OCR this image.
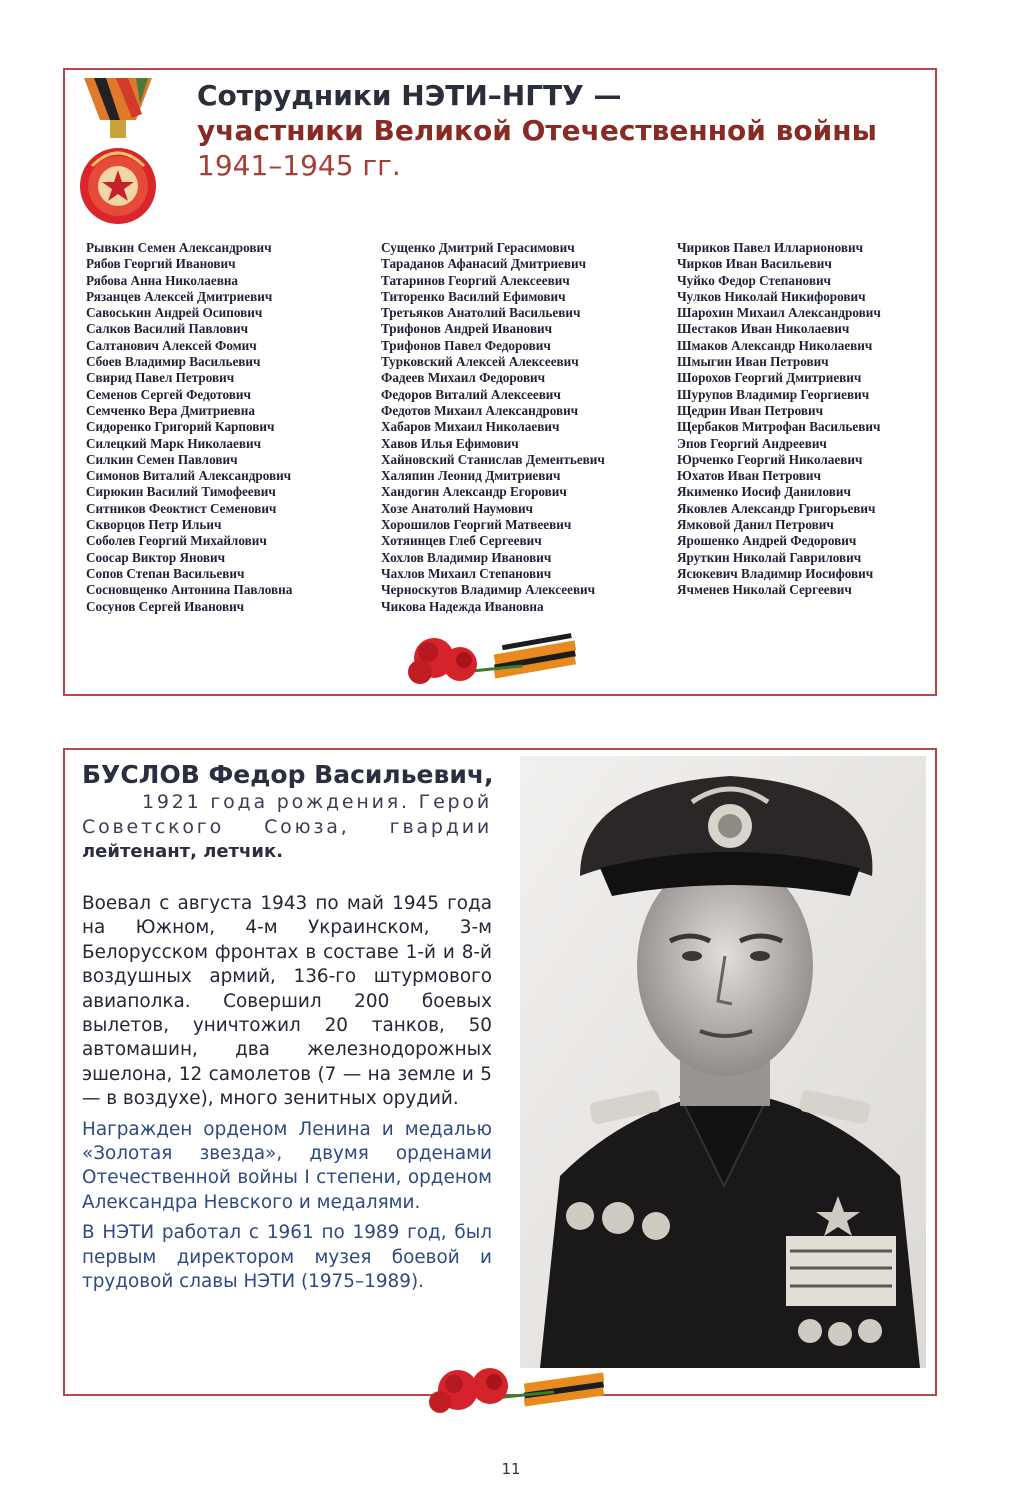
Сотрудники НЭТИ–НГТУ —
участники Великой Отечественной войны
1941–1945 гг.
Рывкин Семен Александрович
Рябов Георгий Иванович
Рябова Анна Николаевна
Рязанцев Алексей Дмитриевич
Савоськин Андрей Осипович
Салков Василий Павлович
Салтанович Алексей Фомич
Сбоев Владимир Васильевич
Свирид Павел Петрович
Семенов Сергей Федотович
Семченко Вера Дмитриевна
Сидоренко Григорий Карпович
Силецкий Марк Николаевич
Силкин Семен Павлович
Симонов Виталий Александрович
Сирюкин Василий Тимофеевич
Ситников Феоктист Семенович
Скворцов Петр Ильич
Соболев Георгий Михайлович
Соосар Виктор Янович
Сопов Степан Васильевич
Сосновщенко Антонина Павловна
Сосунов Сергей Иванович
Сущенко Дмитрий Герасимович
Тараданов Афанасий Дмитриевич
Татаринов Георгий Алексеевич
Титоренко Василий Ефимович
Третьяков Анатолий Васильевич
Трифонов Андрей Иванович
Трифонов Павел Федорович
Турковский Алексей Алексеевич
Фадеев Михаил Федорович
Федоров Виталий Алексеевич
Федотов Михаил Александрович
Хабаров Михаил Николаевич
Хавов Илья Ефимович
Хайновский Станислав Дементьевич
Халяпин Леонид Дмитриевич
Хандогин Александр Егорович
Хозе Анатолий Наумович
Хорошилов Георгий Матвеевич
Хотяинцев Глеб Сергеевич
Хохлов Владимир Иванович
Чахлов Михаил Степанович
Черноскутов Владимир Алексеевич
Чикова Надежда Ивановна
Чириков Павел Илларионович
Чирков Иван Васильевич
Чуйко Федор Степанович
Чулков Николай Никифорович
Шарохин Михаил Александрович
Шестаков Иван Николаевич
Шмаков Александр Николаевич
Шмыгин Иван Петрович
Шорохов Георгий Дмитриевич
Шурупов Владимир Георгиевич
Щедрин Иван Петрович
Щербаков Митрофан Васильевич
Эпов Георгий Андреевич
Юрченко Георгий Николаевич
Юхатов Иван Петрович
Якименко Иосиф Данилович
Яковлев Александр Григорьевич
Ямковой Данил Петрович
Ярошенко Андрей Федорович
Яруткин Николай Гаврилович
Ясюкевич Владимир Иосифович
Ячменев Николай Сергеевич
БУСЛОВ Федор Васильевич,
1921 года рождения. Герой
Советского Союза, гвардии
лейтенант, летчик.

Воевал с августа 1943 по май 1945 года на Южном, 4-м Украинском, 3-м Белорусском фронтах в составе 1-й и 8-й воздушных армий, 136-го штурмового авиаполка. Совершил 200 боевых вылетов, уничтожил 20 танков, 50 автомашин, два железнодорожных эшелона, 12 самолетов (7 — на земле и 5 — в воздухе), много зенитных орудий.

Награжден орденом Ленина и медалью «Золотая звезда», двумя орденами Отечественной войны I степени, орденом Александра Невского и медалями.

В НЭТИ работал с 1961 по 1989 год, был первым директором музея боевой и трудовой славы НЭТИ (1975–1989).

11
